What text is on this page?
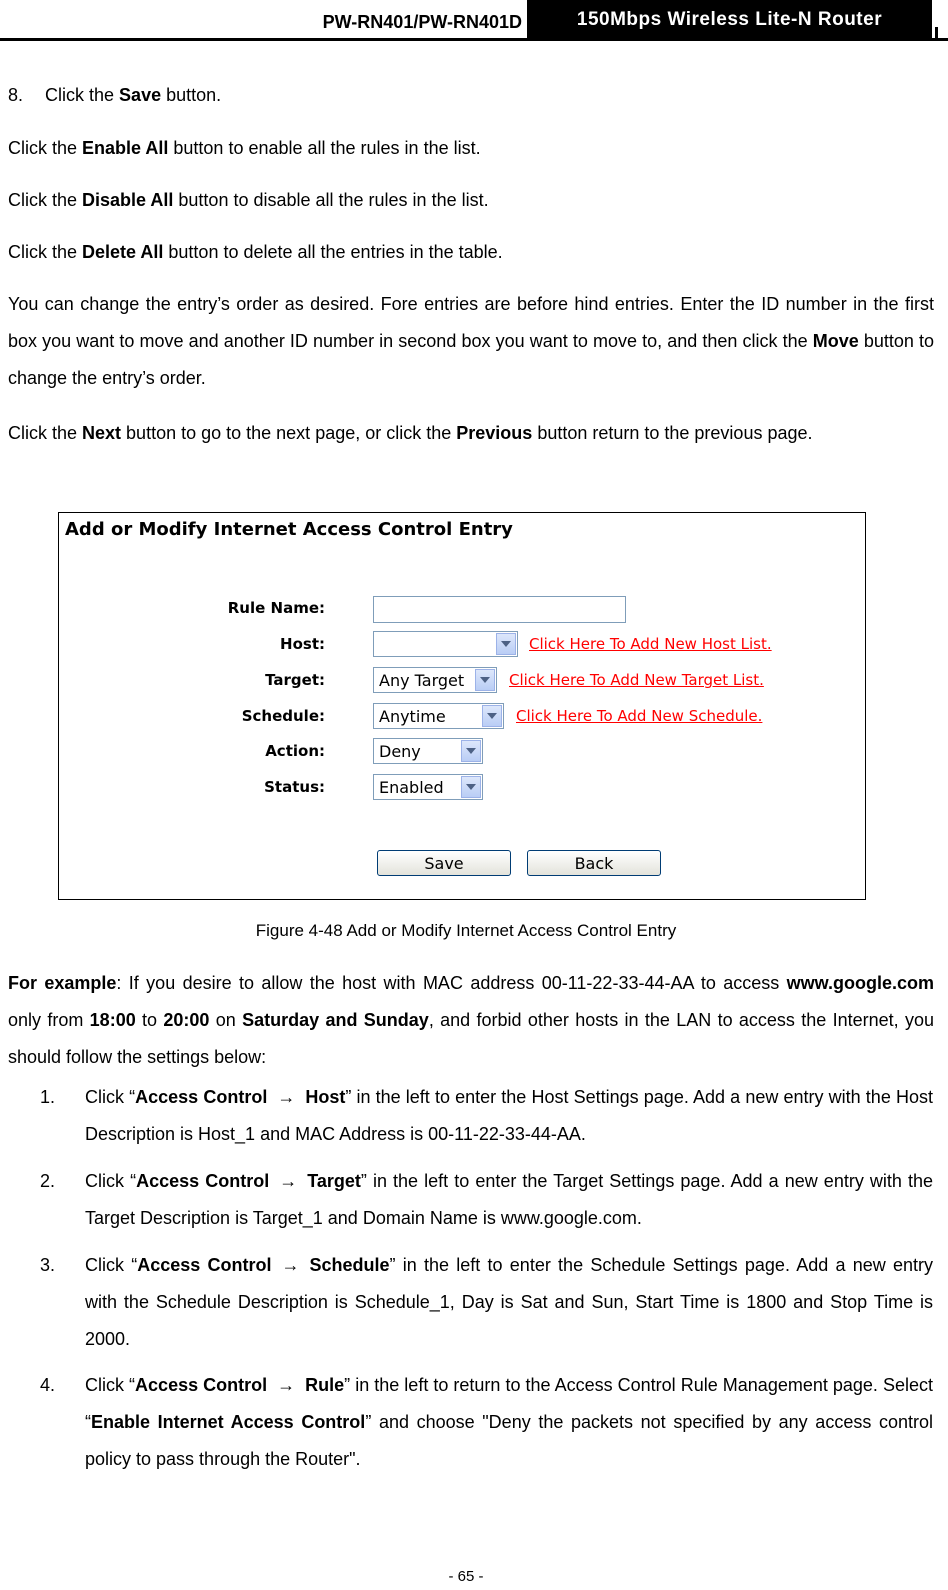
PW-RN401/PW-RN401D	150Mbps Wireless Lite-N Router

8. Click the Save button.

Click the Enable All button to enable all the rules in the list.

Click the Disable All button to disable all the rules in the list.

Click the Delete All button to delete all the entries in the table.

You can change the entry’s order as desired. Fore entries are before hind entries. Enter the ID number in the first box you want to move and another ID number in second box you want to move to, and then click the Move button to change the entry’s order.

Click the Next button to go to the next page, or click the Previous button return to the previous page.

Add or Modify Internet Access Control Entry
Rule Name:
Host:	Click Here To Add New Host List.
Target:	Any Target	Click Here To Add New Target List.
Schedule:	Anytime	Click Here To Add New Schedule.
Action:	Deny
Status:	Enabled
Save	Back
Figure 4-48 Add or Modify Internet Access Control Entry

For example: If you desire to allow the host with MAC address 00-11-22-33-44-AA to access www.google.com only from 18:00 to 20:00 on Saturday and Sunday, and forbid other hosts in the LAN to access the Internet, you should follow the settings below:

1. Click “Access Control → Host” in the left to enter the Host Settings page. Add a new entry with the Host Description is Host_1 and MAC Address is 00-11-22-33-44-AA.

2. Click “Access Control → Target” in the left to enter the Target Settings page. Add a new entry with the Target Description is Target_1 and Domain Name is www.google.com.

3. Click “Access Control → Schedule” in the left to enter the Schedule Settings page. Add a new entry with the Schedule Description is Schedule_1, Day is Sat and Sun, Start Time is 1800 and Stop Time is 2000.

4. Click “Access Control → Rule” in the left to return to the Access Control Rule Management page. Select “Enable Internet Access Control” and choose "Deny the packets not specified by any access control policy to pass through the Router".

- 65 -
